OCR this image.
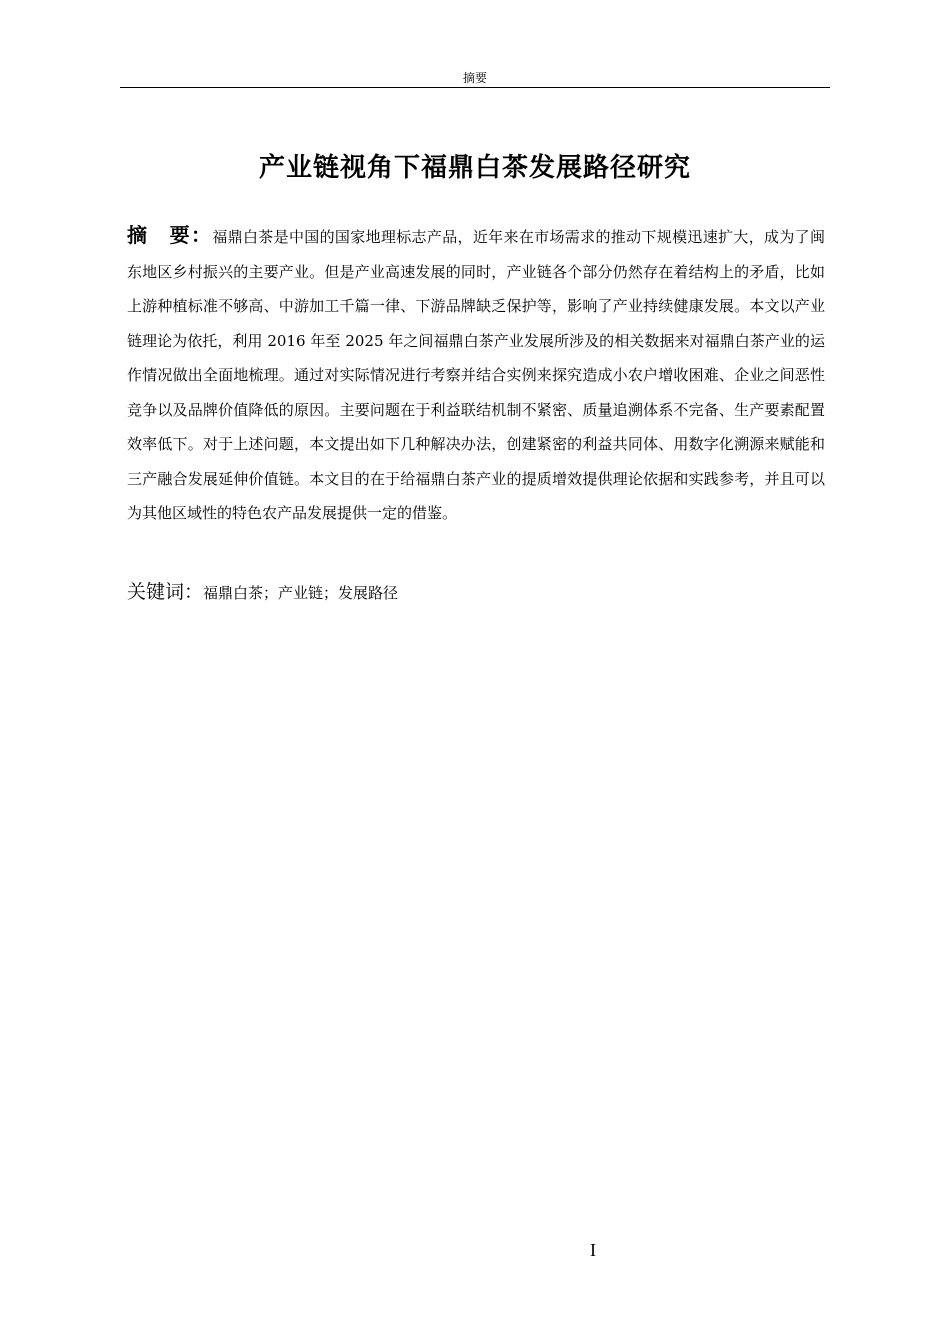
摘要
产业链视角下福鼎白茶发展路径研究
摘　要：福鼎白茶是中国的国家地理标志产品，近年来在市场需求的推动下规模迅速扩大，成为了闽东地区乡村振兴的主要产业。但是产业高速发展的同时，产业链各个部分仍然存在着结构上的矛盾，比如上游种植标准不够高、中游加工千篇一律、下游品牌缺乏保护等，影响了产业持续健康发展。本文以产业链理论为依托，利用 2016 年至 2025 年之间福鼎白茶产业发展所涉及的相关数据来对福鼎白茶产业的运作情况做出全面地梳理。通过对实际情况进行考察并结合实例来探究造成小农户增收困难、企业之间恶性竞争以及品牌价值降低的原因。主要问题在于利益联结机制不紧密、质量追溯体系不完备、生产要素配置效率低下。对于上述问题，本文提出如下几种解决办法，创建紧密的利益共同体、用数字化溯源来赋能和三产融合发展延伸价值链。本文目的在于给福鼎白茶产业的提质增效提供理论依据和实践参考，并且可以为其他区域性的特色农产品发展提供一定的借鉴。
关键词：福鼎白茶；产业链；发展路径
I
